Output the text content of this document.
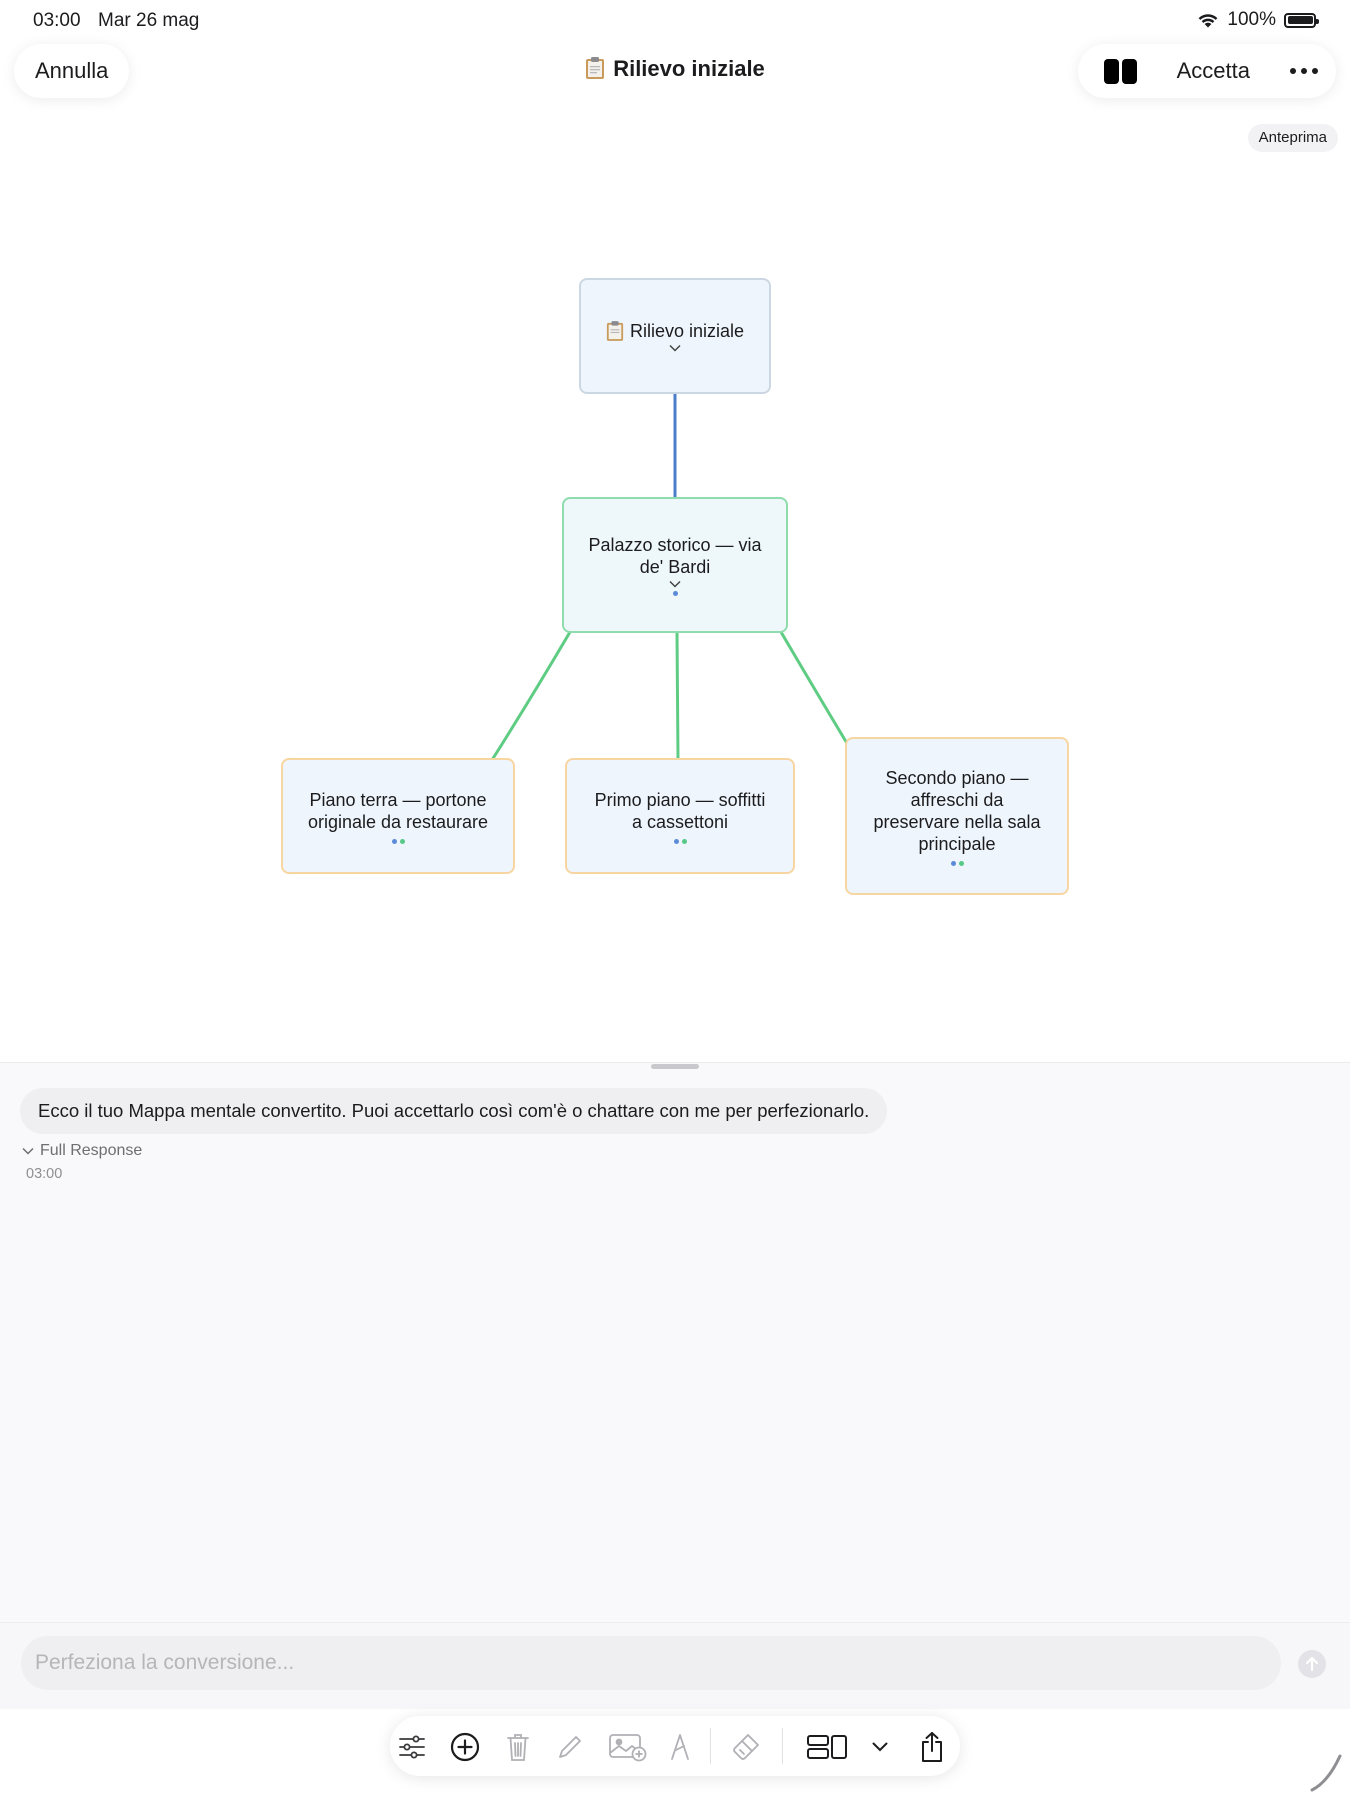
03:00 Mar 26 mag	100%
Annulla	Rilievo iniziale	Accetta
Anteprima
Rilievo iniziale
Palazzo storico — via
de' Bardi
Piano terra — portone
originale da restaurare
Primo piano — soffitti
a cassettoni
Secondo piano —
affreschi da
preservare nella sala
principale
Ecco il tuo Mappa mentale convertito. Puoi accettarlo così com'è o chattare con me per perfezionarlo.
Full Response
03:00
Perfeziona la conversione...
